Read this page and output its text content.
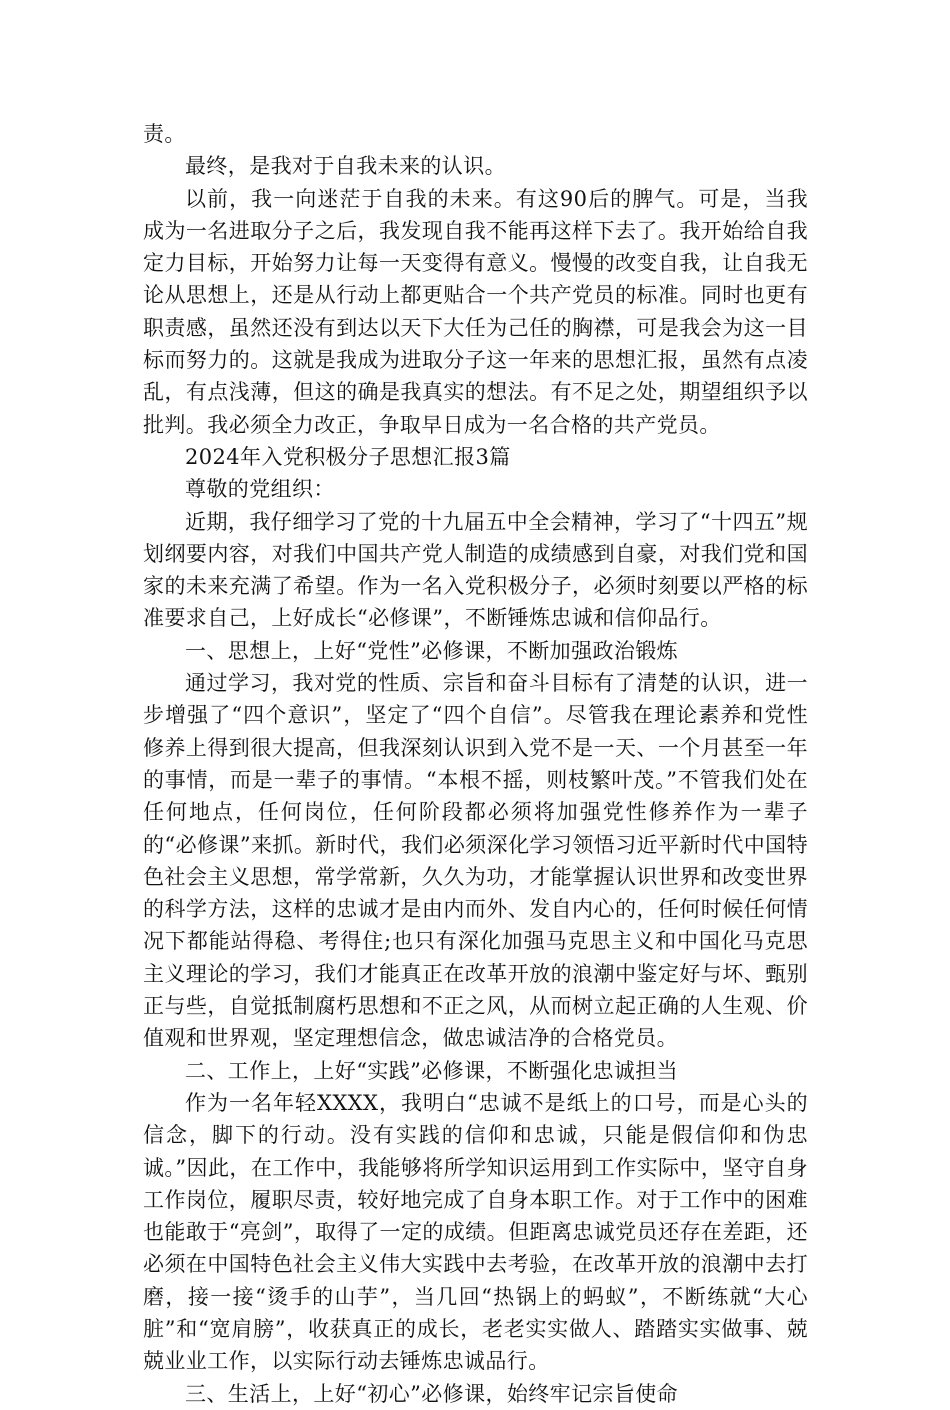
责。

最终，是我对于自我未来的认识。

以前，我一向迷茫于自我的未来。有这90后的脾气。可是，当我成为一名进取分子之后，我发现自我不能再这样下去了。我开始给自我定力目标，开始努力让每一天变得有意义。慢慢的改变自我，让自我无论从思想上，还是从行动上都更贴合一个共产党员的标准。同时也更有职责感，虽然还没有到达以天下大任为己任的胸襟，可是我会为这一目标而努力的。这就是我成为进取分子这一年来的思想汇报，虽然有点凌乱，有点浅薄，但这的确是我真实的想法。有不足之处，期望组织予以批判。我必须全力改正，争取早日成为一名合格的共产党员。

2024年入党积极分子思想汇报3篇

尊敬的党组织：

近期，我仔细学习了党的十九届五中全会精神，学习了“十四五”规划纲要内容，对我们中国共产党人制造的成绩感到自豪，对我们党和国家的未来充满了希望。作为一名入党积极分子，必须时刻要以严格的标准要求自己，上好成长“必修课”，不断锤炼忠诚和信仰品行。

一、思想上，上好“党性”必修课，不断加强政治锻炼

通过学习，我对党的性质、宗旨和奋斗目标有了清楚的认识，进一步增强了“四个意识”，坚定了“四个自信”。尽管我在理论素养和党性修养上得到很大提高，但我深刻认识到入党不是一天、一个月甚至一年的事情，而是一辈子的事情。“本根不摇，则枝繁叶茂。”不管我们处在任何地点，任何岗位，任何阶段都必须将加强党性修养作为一辈子的“必修课”来抓。新时代，我们必须深化学习领悟习近平新时代中国特色社会主义思想，常学常新，久久为功，才能掌握认识世界和改变世界的科学方法，这样的忠诚才是由内而外、发自内心的，任何时候任何情况下都能站得稳、考得住;也只有深化加强马克思主义和中国化马克思主义理论的学习，我们才能真正在改革开放的浪潮中鉴定好与坏、甄别正与些，自觉抵制腐朽思想和不正之风，从而树立起正确的人生观、价值观和世界观，坚定理想信念，做忠诚洁净的合格党员。

二、工作上，上好“实践”必修课，不断强化忠诚担当

作为一名年轻XXXX，我明白“忠诚不是纸上的口号，而是心头的信念，脚下的行动。没有实践的信仰和忠诚，只能是假信仰和伪忠诚。”因此，在工作中，我能够将所学知识运用到工作实际中，坚守自身工作岗位，履职尽责，较好地完成了自身本职工作。对于工作中的困难也能敢于“亮剑”，取得了一定的成绩。但距离忠诚党员还存在差距，还必须在中国特色社会主义伟大实践中去考验，在改革开放的浪潮中去打磨，接一接“烫手的山芋”，当几回“热锅上的蚂蚁”，不断练就“大心脏”和“宽肩膀”，收获真正的成长，老老实实做人、踏踏实实做事、兢兢业业工作，以实际行动去锤炼忠诚品行。

三、生活上，上好“初心”必修课，始终牢记宗旨使命
